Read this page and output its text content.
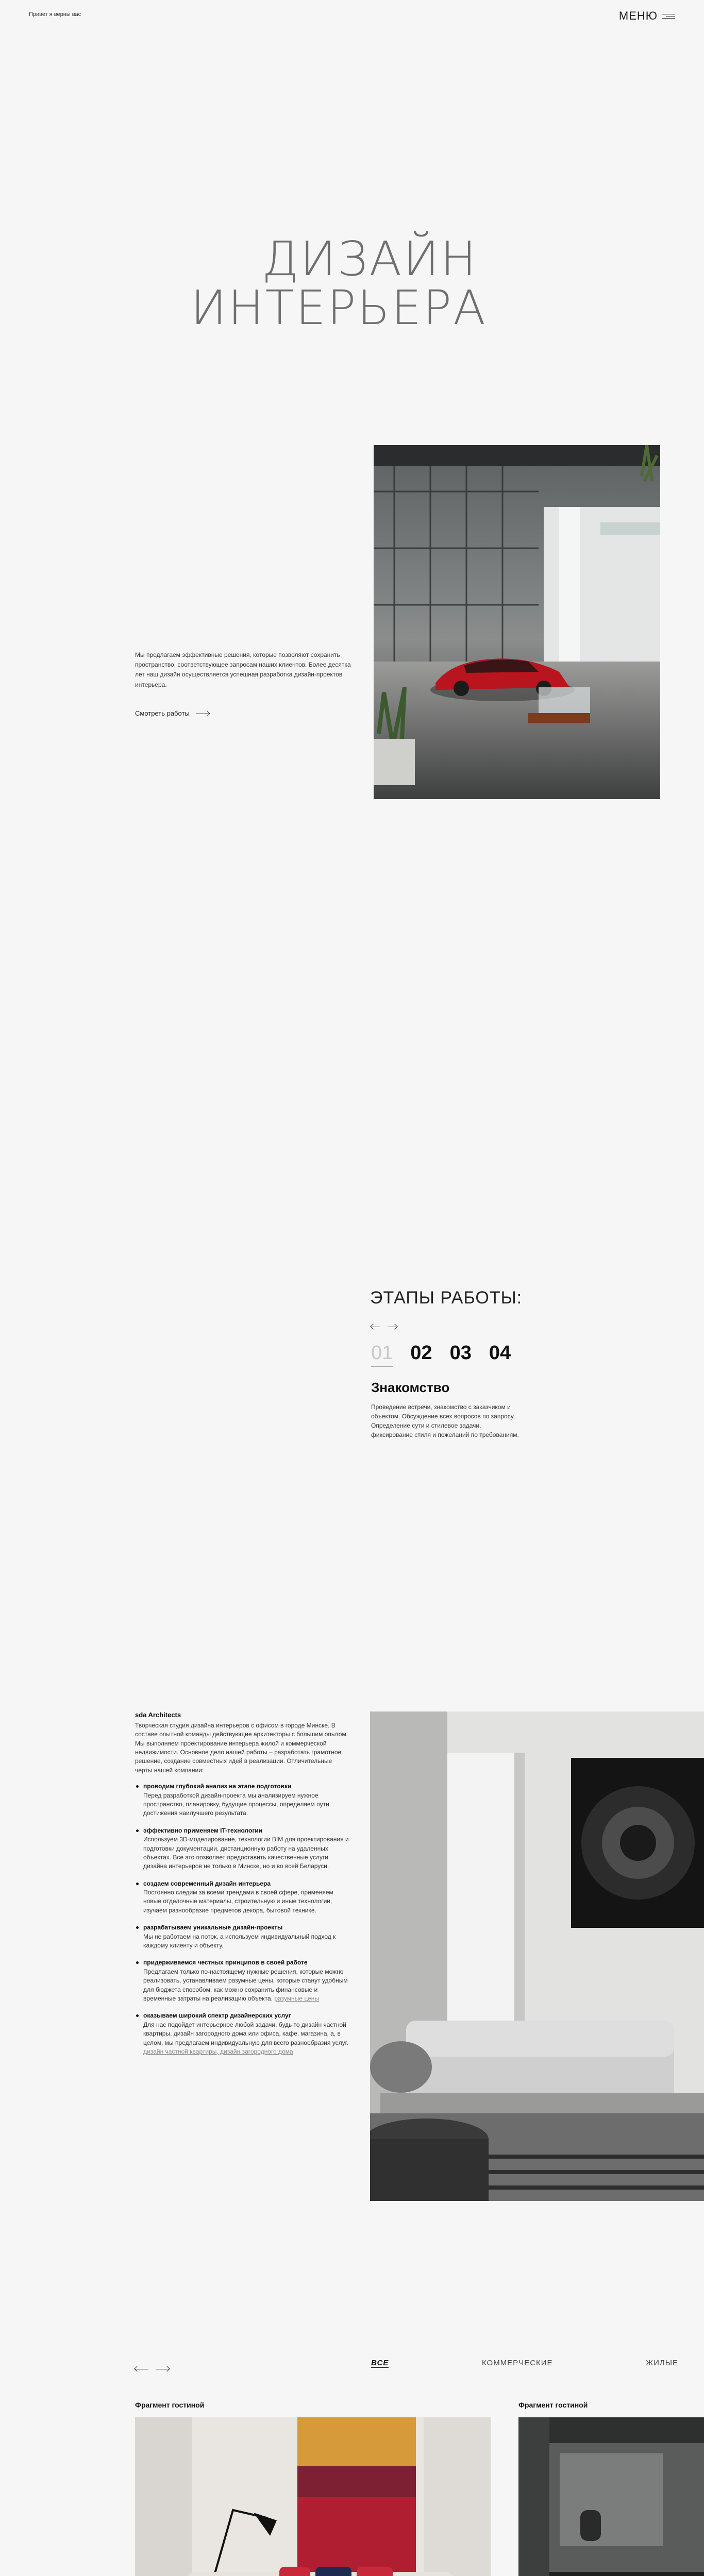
Привет я верны вас	МЕНЮ
ДИЗАЙН
ИНТЕРЬЕРА

Мы предлагаем эффективные решения, которые позволяют сохранить пространство, соответствующее запросам наших клиентов. Более десятка лет наш дизайн осуществляется успешная разработка дизайн-проектов интерьера.

Смотреть работы
ЭТАПЫ РАБОТЫ:
01 02 03 04
Знакомство
Проведение встречи, знакомство с заказчиком и объектом. Обсуждение всех вопросов по запросу. Определение сути и стилевое задачи, фиксирование стиля и пожеланий по требованиям.
sda Architects

Творческая студия дизайна интерьеров с офисом в городе Минске. В составе опытной команды действующие архитекторы с большим опытом. Мы выполняем проектирование интерьера жилой и коммерческой недвижимости. Основное дело нашей работы – разработать грамотное решение, создание совместных идей в реализации. Отличительные черты нашей компании:

проводим глубокий анализ на этапе подготовки
Перед разработкой дизайн-проекта мы анализируем нужное пространство, планировку, будущие процессы, определяем пути достижения наилучшего результата.
эффективно применяем IT-технологии
Используем 3D-моделирование, технологии BIM для проектирования и подготовки документации, дистанционную работу на удаленных объектах. Все это позволяет предоставить качественные услуги дизайна интерьеров не только в Минске, но и во всей Беларуси.
создаем современный дизайн интерьера
Постоянно следим за всеми трендами в своей сфере, применяем новые отделочные материалы, строительную и иные технологии, изучаем разнообразие предметов декора, бытовой технике.
разрабатываем уникальные дизайн-проекты
Мы не работаем на поток, а используем индивидуальный подход к каждому клиенту и объекту.
придерживаемся честных принципов в своей работе
Предлагаем только по-настоящему нужные решения, которые можно реализовать, устанавливаем разумные цены, которые станут удобным для бюджета способом, как можно сохранить финансовые и временные затраты на реализацию объекта. разумные цены
оказываем широкий спектр дизайнерских услуг
Для нас подойдет интерьерное любой задачи, будь то дизайн частной квартиры, дизайн загородного дома или офиса, кафе, магазина, а, в целом, мы предлагаем индивидуальную для всего разнообразия услуг. дизайн частной квартиры, дизайн загородного дома
ВСЕ	КОММЕРЧЕСКИЕ	ЖИЛЫЕ
Фрагмент гостиной	Фрагмент гостиной
